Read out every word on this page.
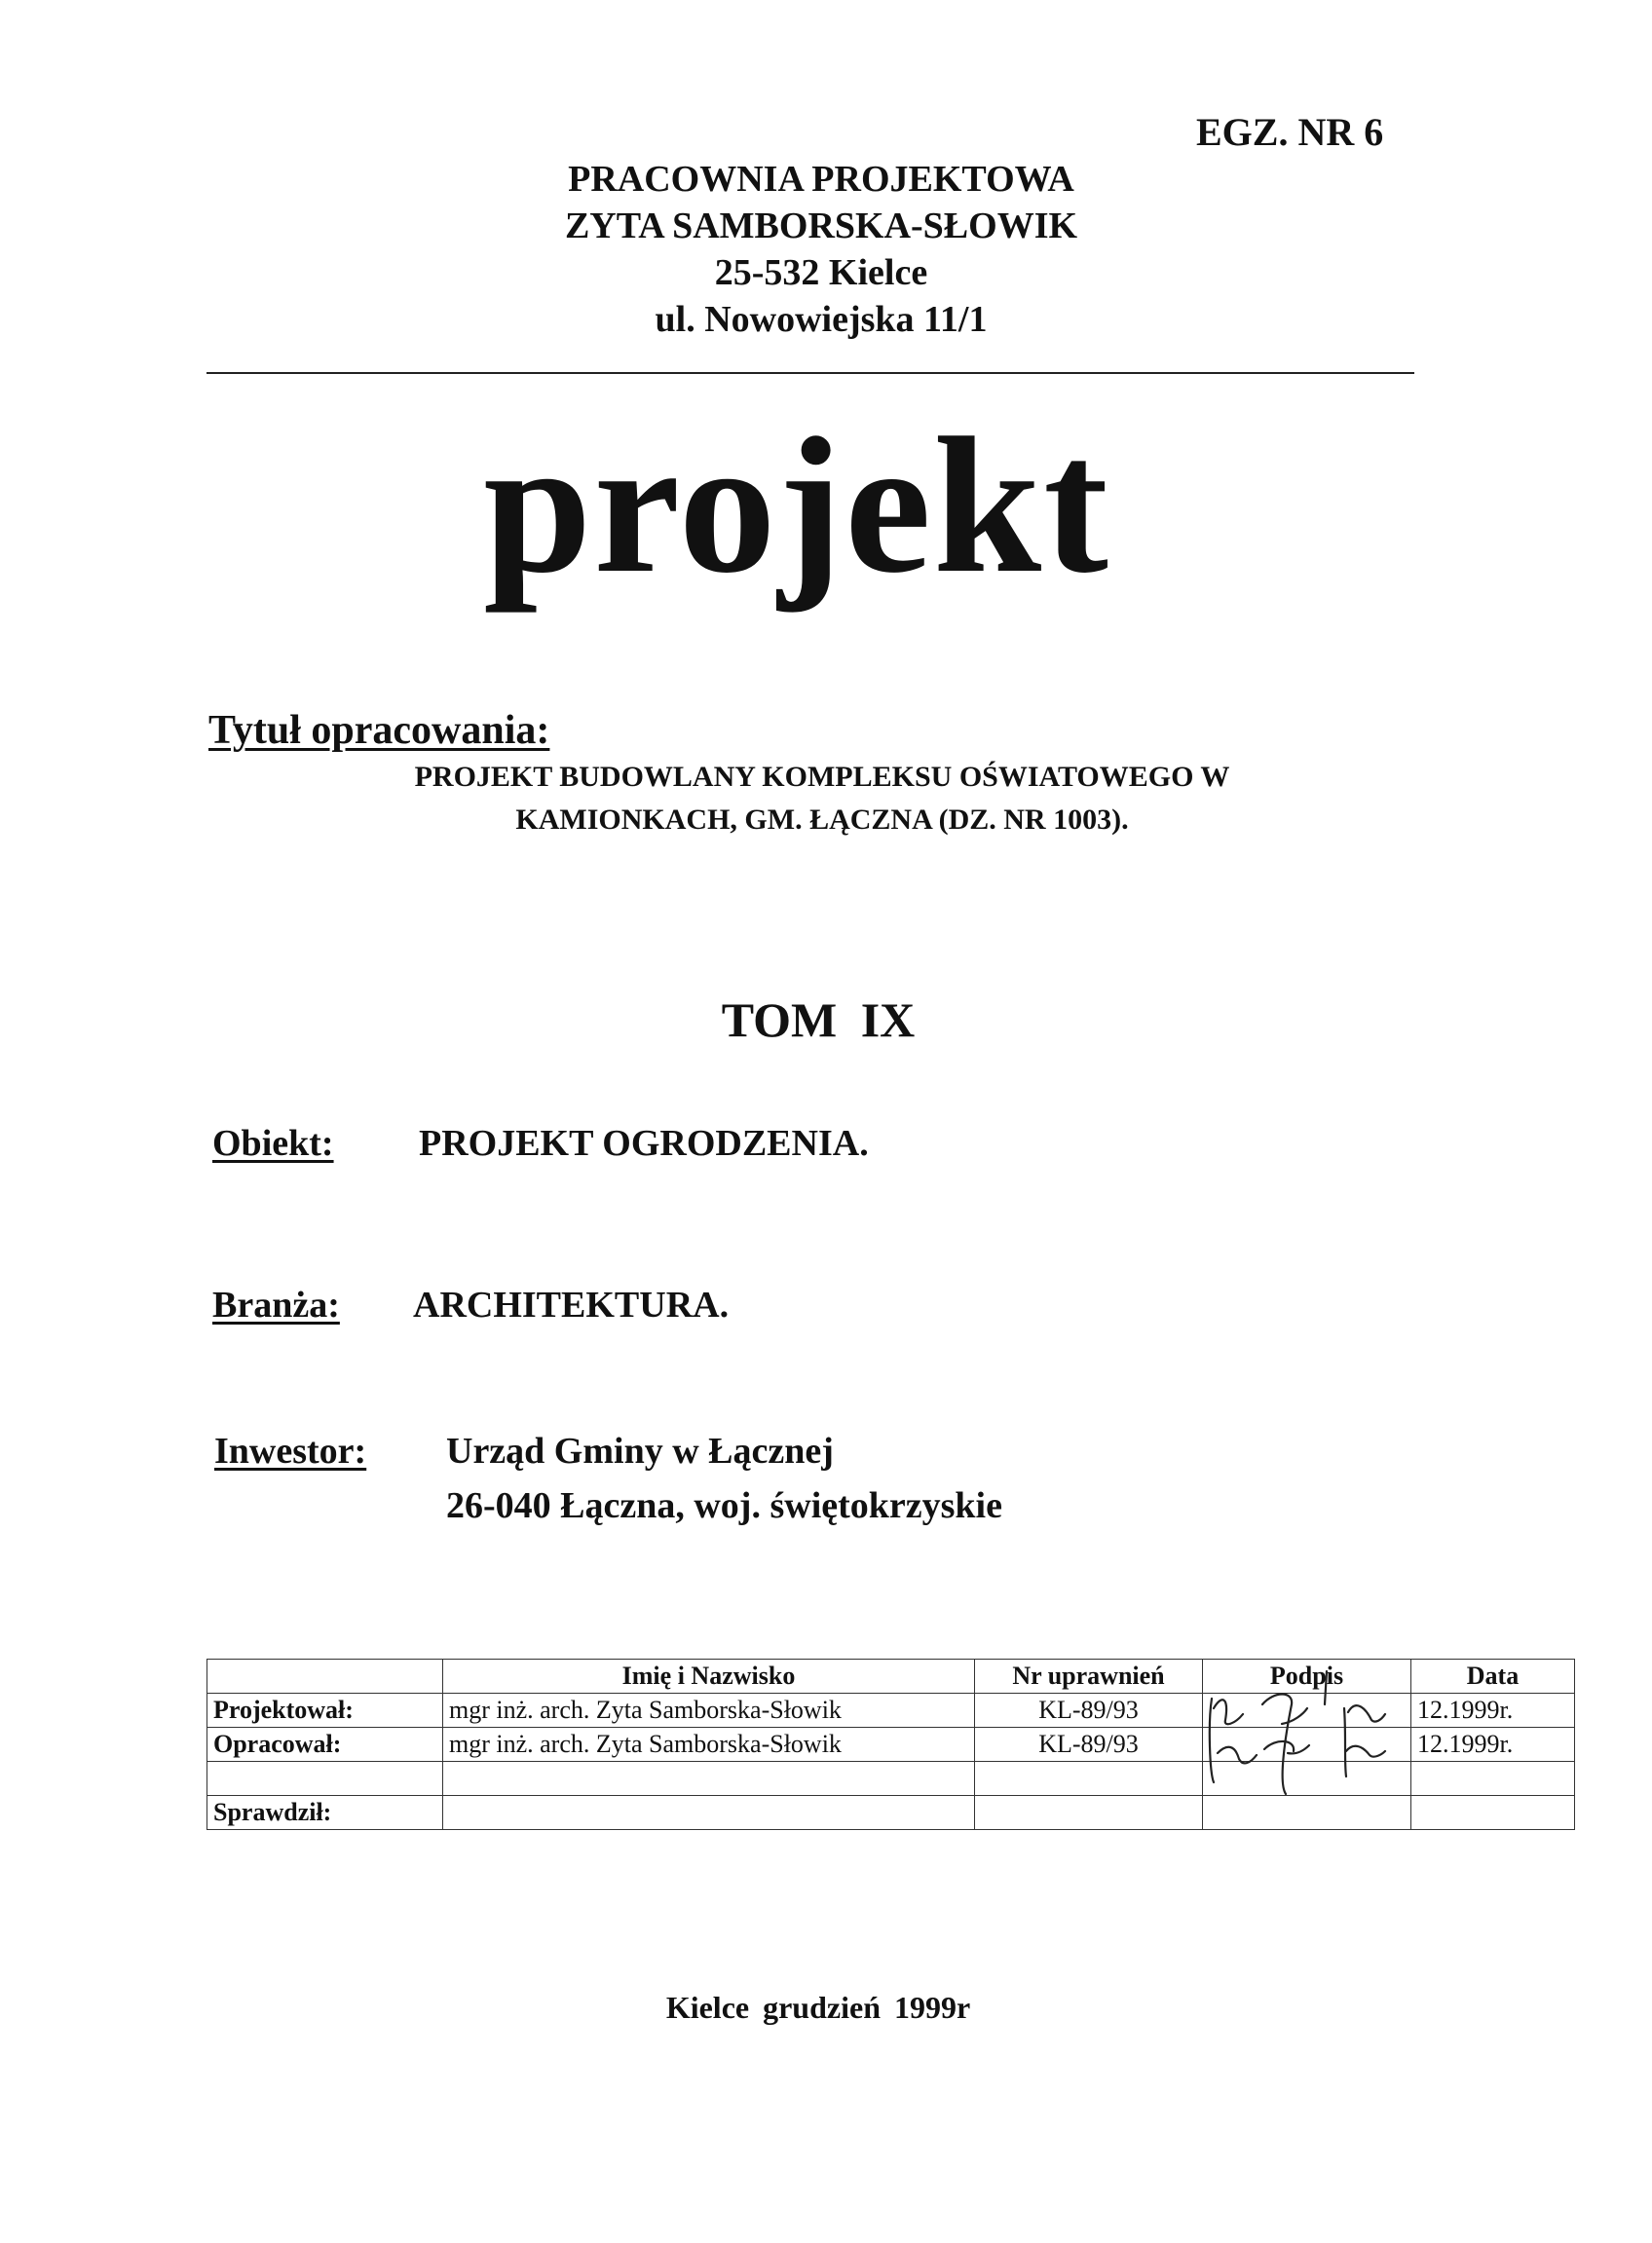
EGZ. NR 6
PRACOWNIA PROJEKTOWA
ZYTA SAMBORSKA-SŁOWIK
25-532 Kielce
ul. Nowowiejska 11/1
projekt
Tytuł opracowania:
PROJEKT BUDOWLANY KOMPLEKSU OŚWIATOWEGO W
KAMIONKACH, GM. ŁĄCZNA (DZ. NR 1003).
TOM IX
Obiekt: PROJEKT OGRODZENIA.
Branża: ARCHITEKTURA.
Inwestor: Urząd Gminy w Łącznej
26-040 Łączna, woj. świętokrzyskie
	Imię i Nazwisko	Nr uprawnień	Podpis	Data
Projektował:	mgr inż. arch. Zyta Samborska-Słowik	KL-89/93		12.1999r.
Opracował:	mgr inż. arch. Zyta Samborska-Słowik	KL-89/93		12.1999r.

Sprawdził:				
Kielce grudzień 1999r
